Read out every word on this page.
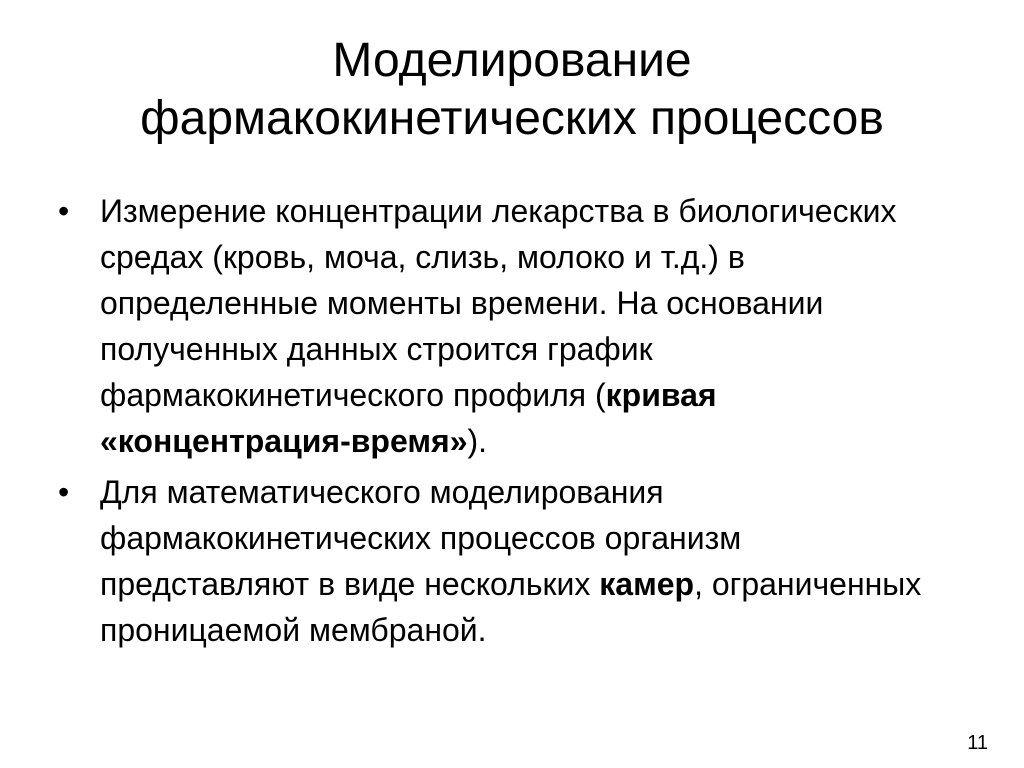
Моделирование
фармакокинетических процессов
• Измерение концентрации лекарства в биологических средах (кровь, моча, слизь, молоко и т.д.) в определенные моменты времени. На основании полученных данных строится график фармакокинетического профиля (кривая «концентрация-время»).
• Для математического моделирования фармакокинетических процессов организм представляют в виде нескольких камер, ограниченных проницаемой мембраной.
11
